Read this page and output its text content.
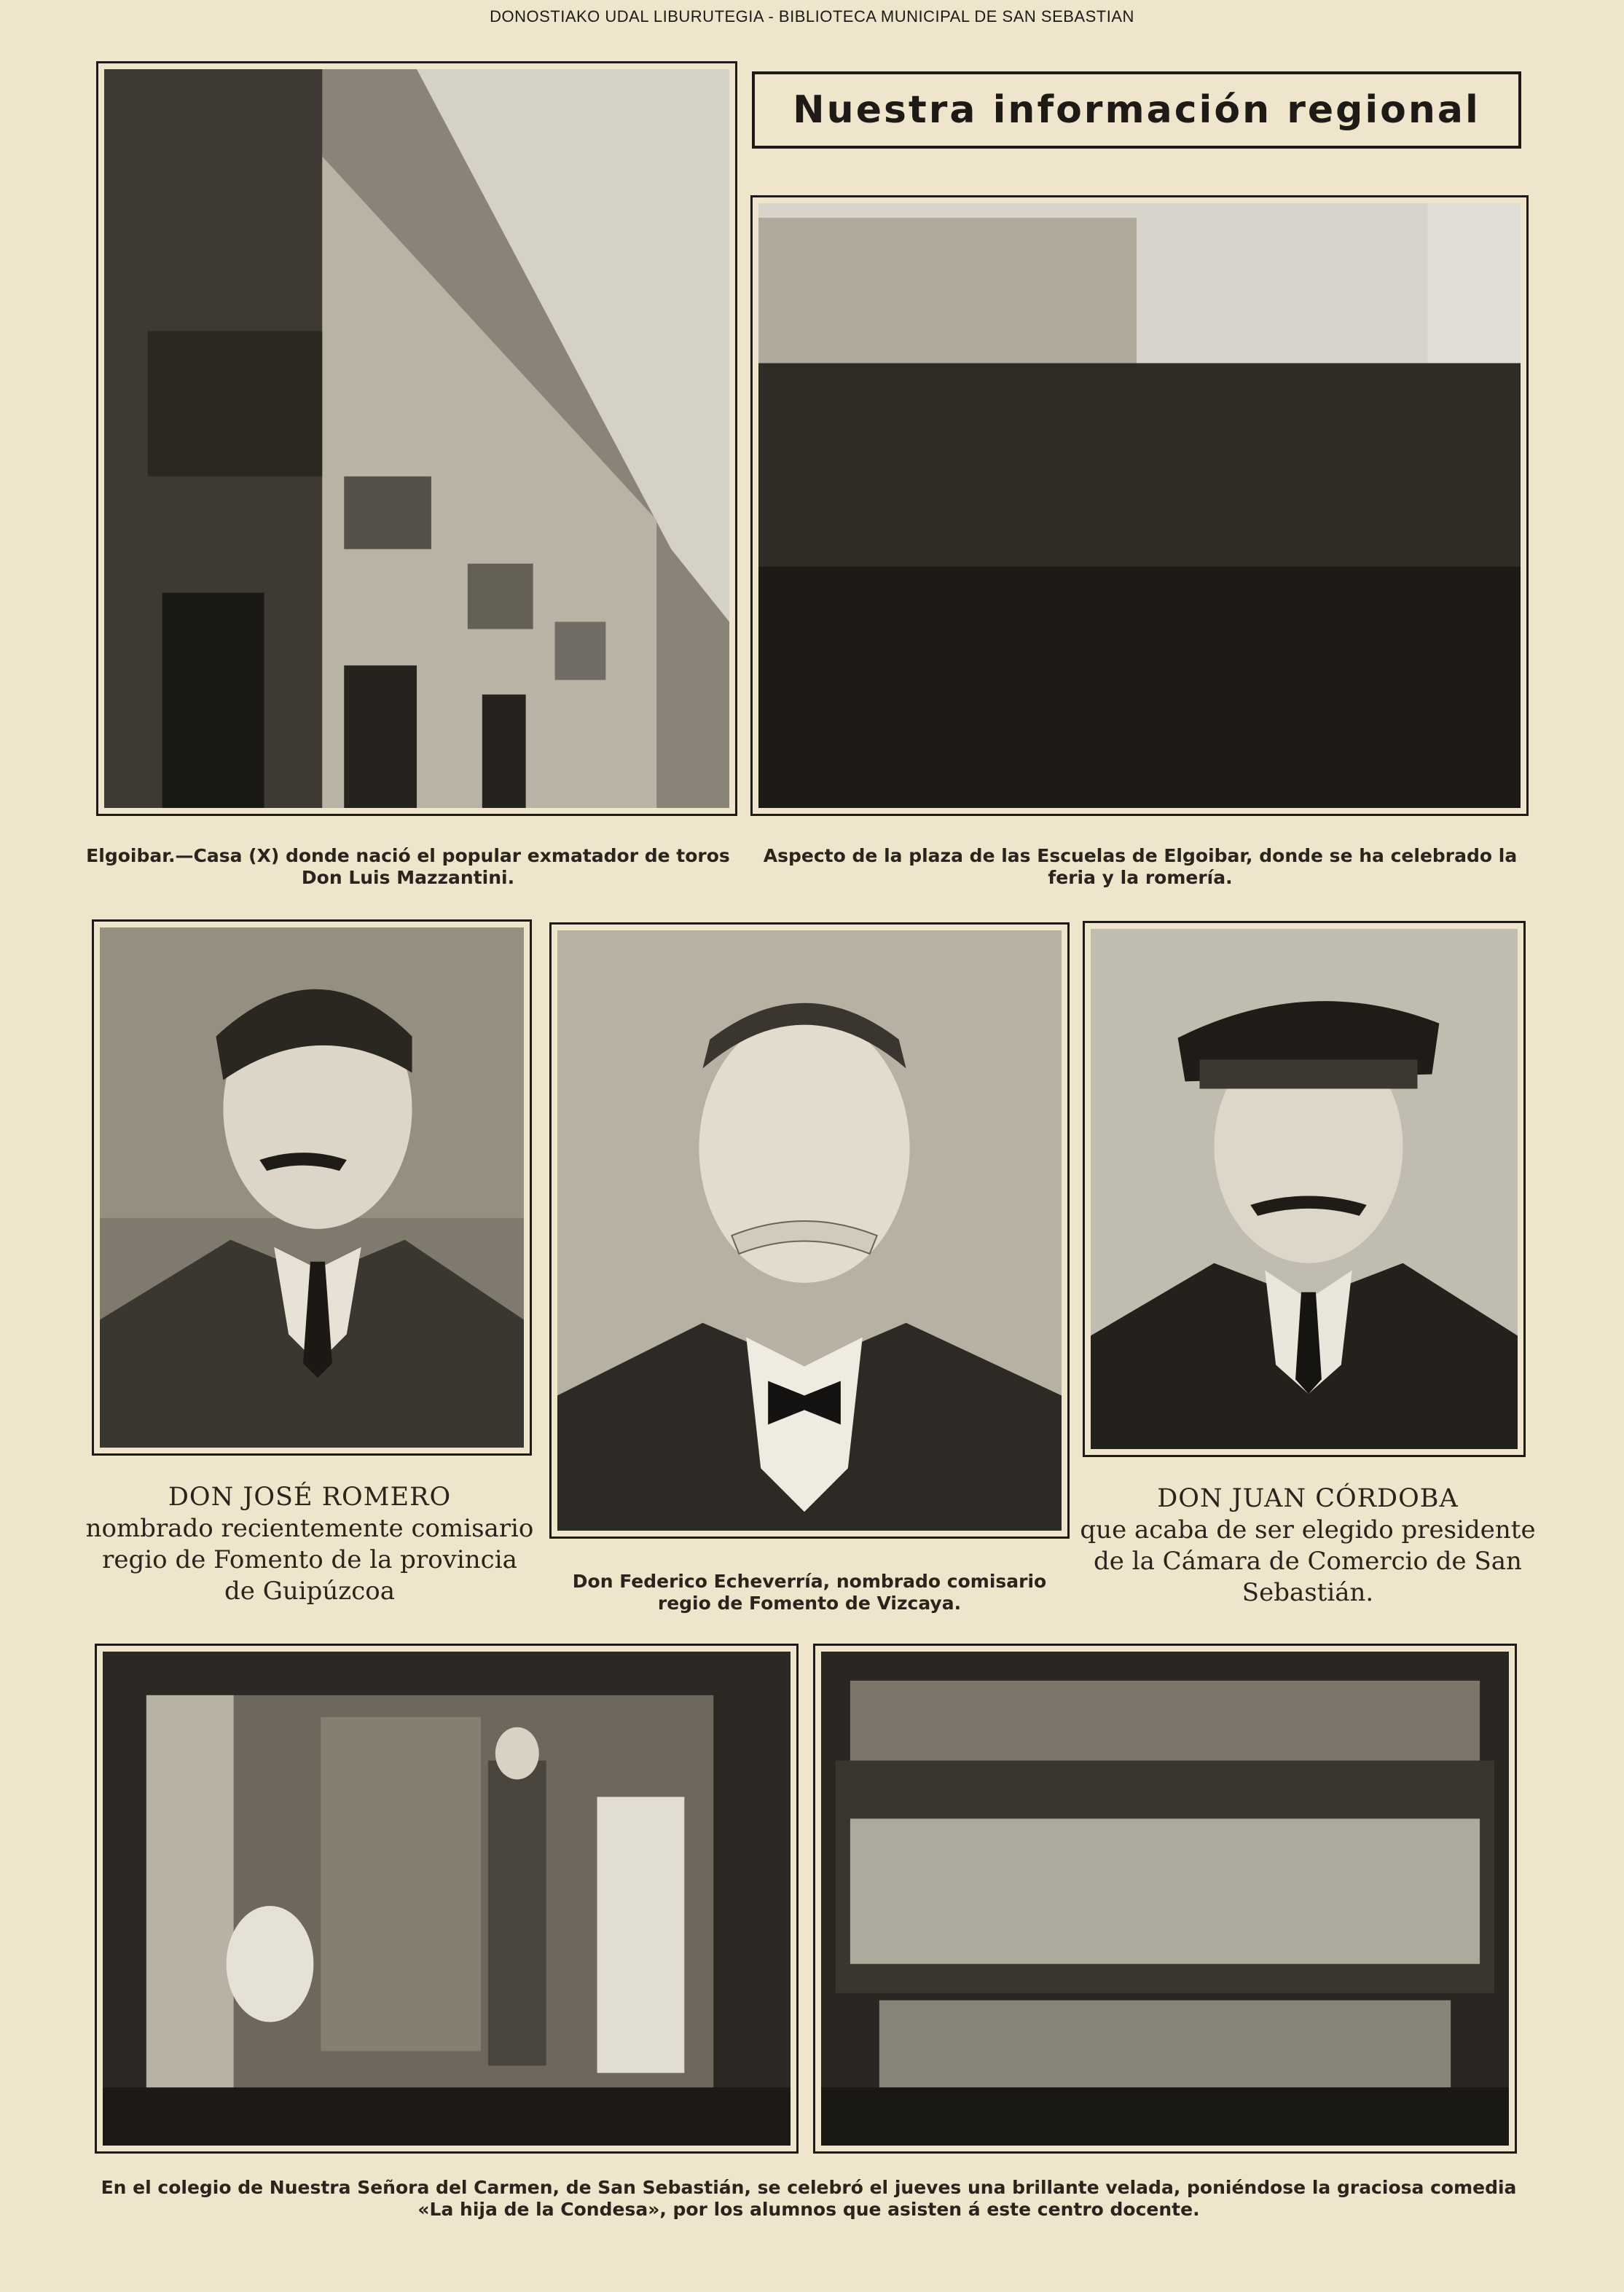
DONOSTIAKO UDAL LIBURUTEGIA - BIBLIOTECA MUNICIPAL DE SAN SEBASTIAN
Nuestra información regional
Elgoibar.—Casa (X) donde nació el popular exmatador de toros
Don Luis Mazzantini.
Aspecto de la plaza de las Escuelas de Elgoibar, donde se ha celebrado la
feria y la romería.
DON JOSÉ ROMERO
nombrado recientemente comisario
regio de Fomento de la provincia
de Guipúzcoa	Don Federico Echeverría, nombrado comisario
regio de Fomento de Vizcaya.
DON JUAN CÓRDOBA
que acaba de ser elegido presidente
de la Cámara de Comercio de San
Sebastián.
En el colegio de Nuestra Señora del Carmen, de San Sebastián, se celebró el jueves una brillante velada, poniéndose la graciosa comedia
«La hija de la Condesa», por los alumnos que asisten á este centro docente.
